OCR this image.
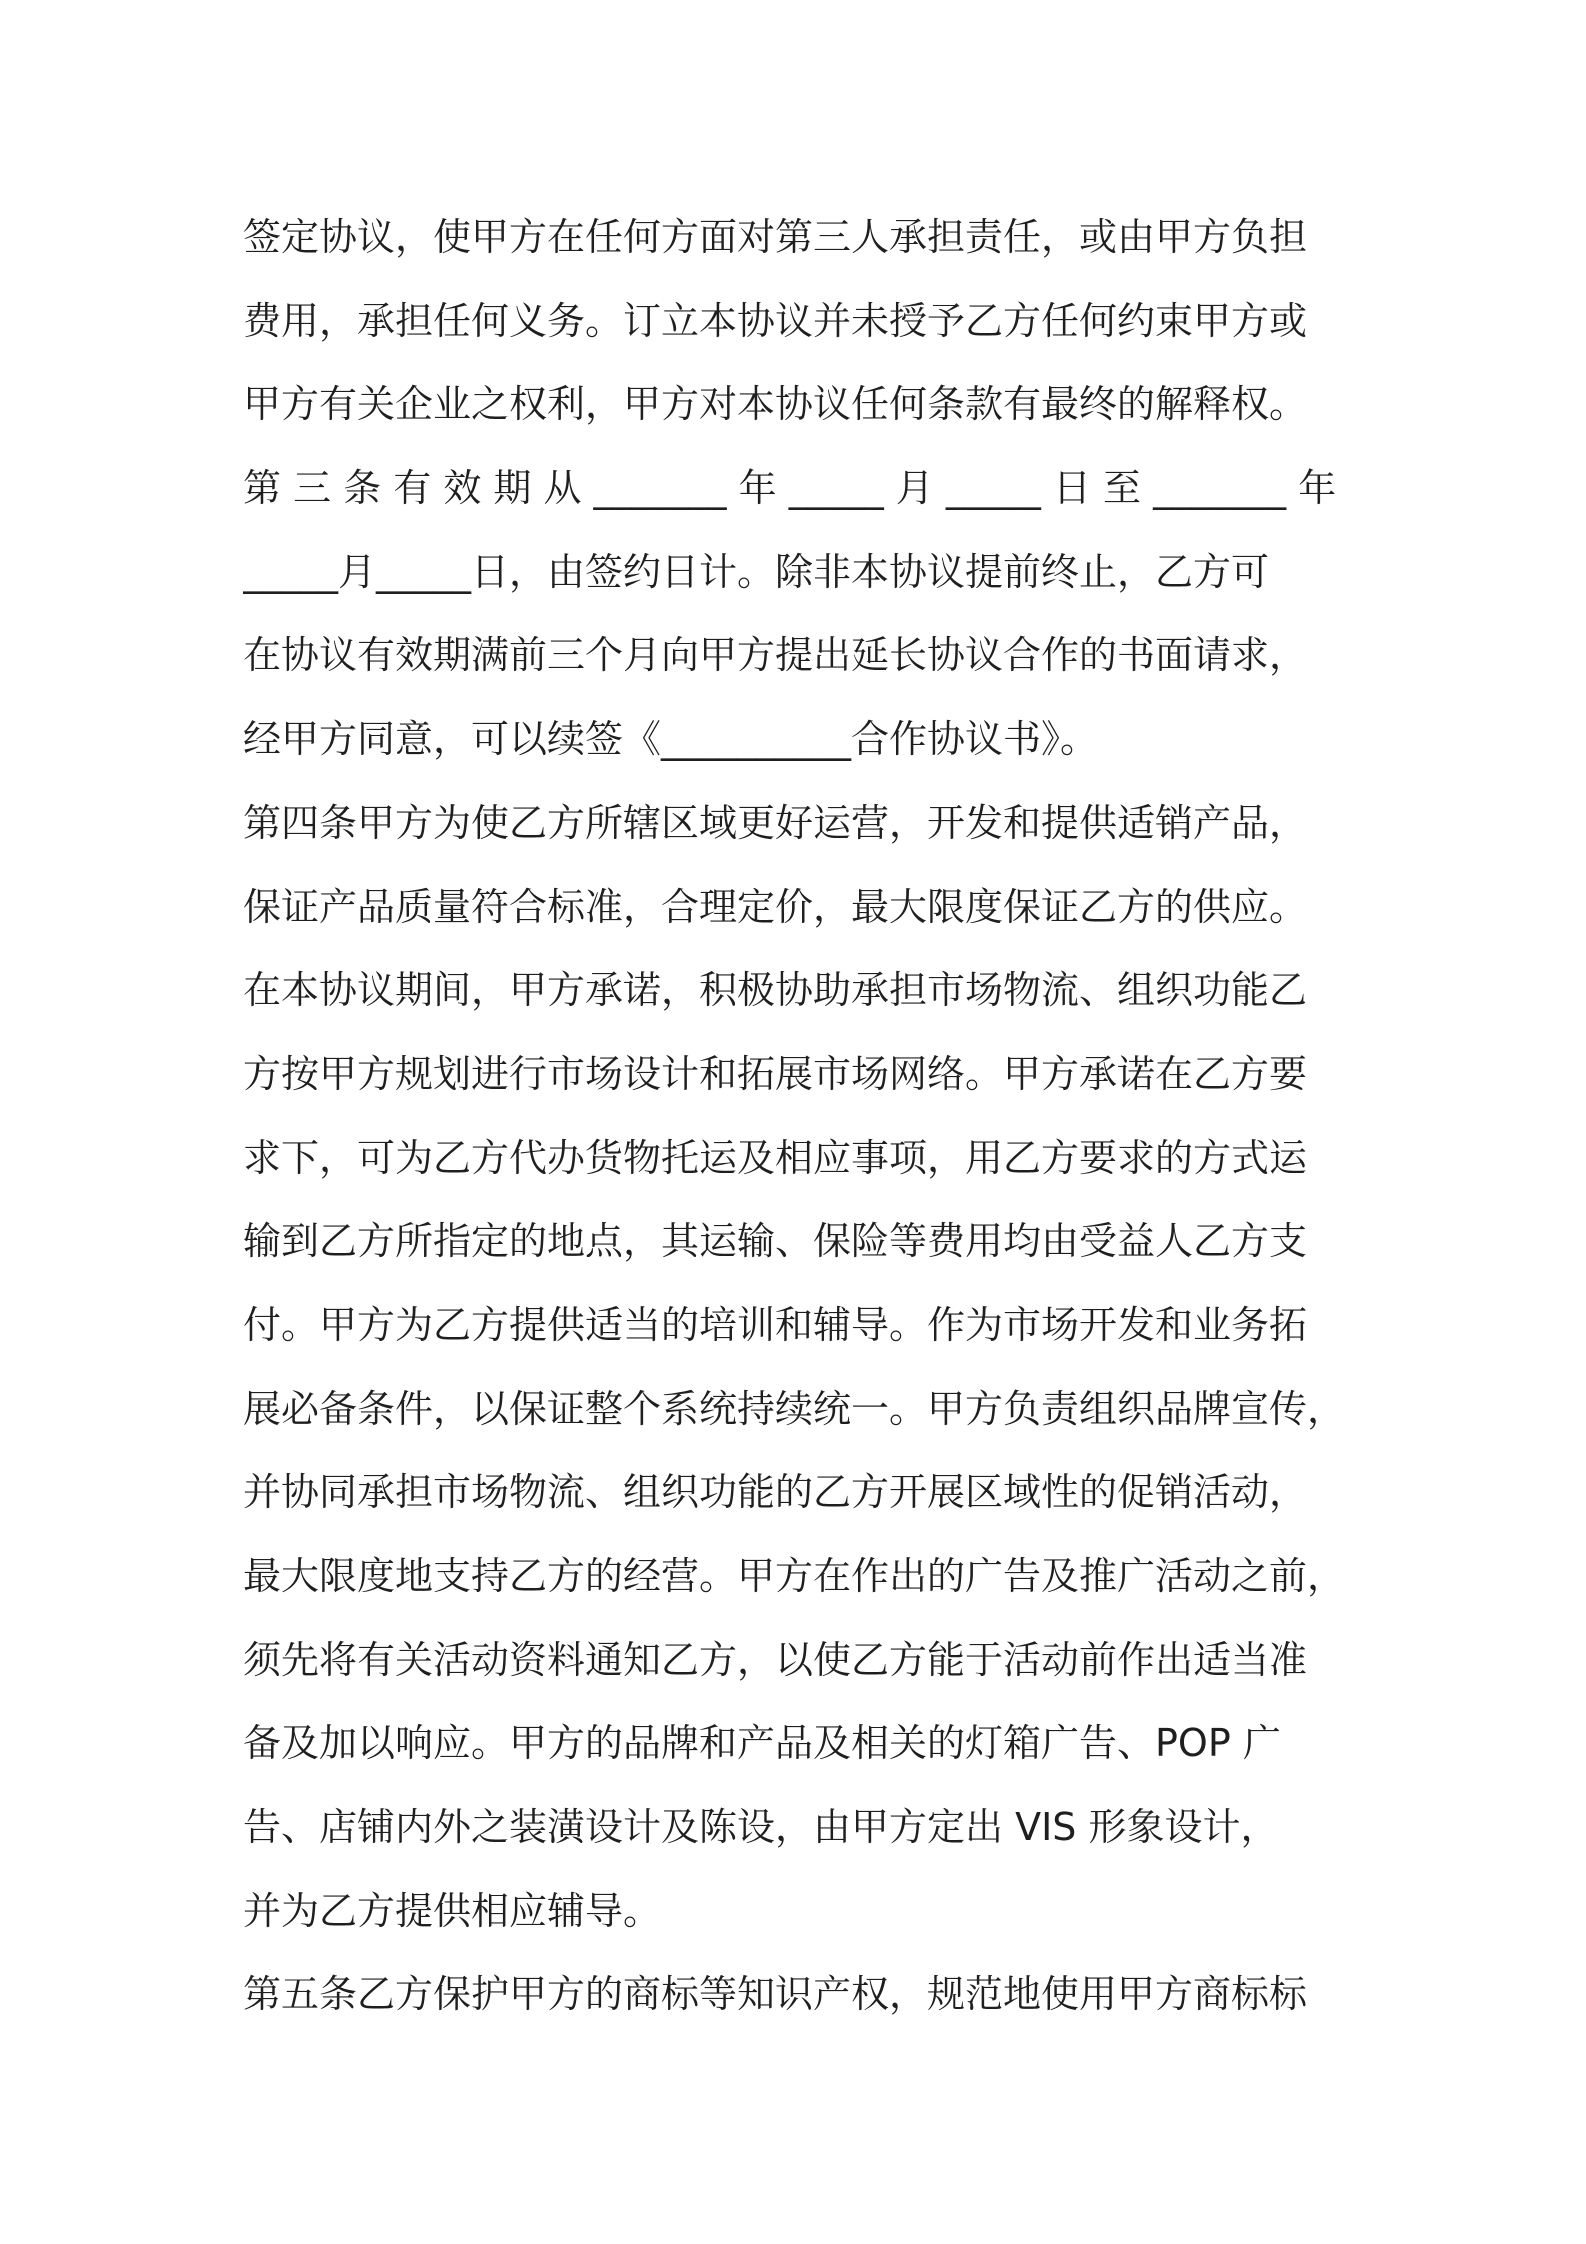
签定协议，使甲方在任何方面对第三人承担责任，或由甲方负担
费用，承担任何义务。订立本协议并未授予乙方任何约束甲方或
甲方有关企业之权利，甲方对本协议任何条款有最终的解释权。
第 三 条 有 效 期 从 _______ 年 _____ 月 _____ 日 至 _______ 年
_____月_____日，由签约日计。除非本协议提前终止，乙方可
在协议有效期满前三个月向甲方提出延长协议合作的书面请求，
经甲方同意，可以续签《__________合作协议书》。
第四条甲方为使乙方所辖区域更好运营，开发和提供适销产品，
保证产品质量符合标准，合理定价，最大限度保证乙方的供应。
在本协议期间，甲方承诺，积极协助承担市场物流、组织功能乙
方按甲方规划进行市场设计和拓展市场网络。甲方承诺在乙方要
求下，可为乙方代办货物托运及相应事项，用乙方要求的方式运
输到乙方所指定的地点，其运输、保险等费用均由受益人乙方支
付。甲方为乙方提供适当的培训和辅导。作为市场开发和业务拓
展必备条件，以保证整个系统持续统一。甲方负责组织品牌宣传，
并协同承担市场物流、组织功能的乙方开展区域性的促销活动，
最大限度地支持乙方的经营。甲方在作出的广告及推广活动之前，
须先将有关活动资料通知乙方，以使乙方能于活动前作出适当准
备及加以响应。甲方的品牌和产品及相关的灯箱广告、POP 广
告、店铺内外之装潢设计及陈设，由甲方定出 VIS 形象设计，
并为乙方提供相应辅导。
第五条乙方保护甲方的商标等知识产权，规范地使用甲方商标标
